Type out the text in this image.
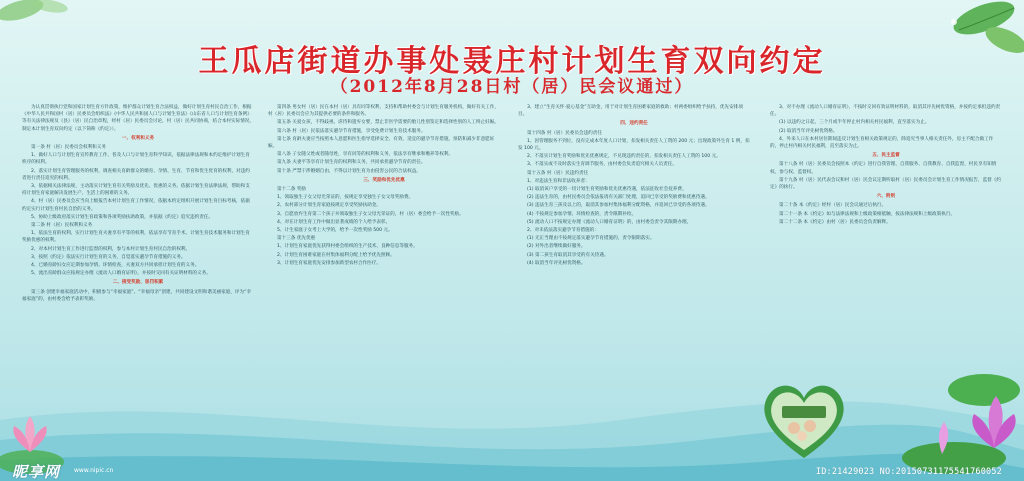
王瓜店街道办事处聂庄村计划生育双向约定
（2012年8月28日村（居）民会议通过）
为认真贯彻执行党和国家计划生育方针政策，维护群众计划生育合法权益，做好计划生育村民自治工作，根据《中华人民共和国村（居）民委员会组织法》《中华人民共和国人口与计划生育法》《山东省人口与计划生育条例》等有关法律法规及《县》（居）民自治章程，经村（居）民委员会讨论，村（居）民共同协商，结合本村实际情况，制定本计划生育双向约定（以下简称《约定》）。
一、权利和义务
第一条 村（居）民委员会权利和义务
1、做好人口与计划生育宣传教育工作，普及人口与计划生育科学知识，依据法律法规和本约定维护计划生育秩序的权利。
2、落实计划生育管理服务的权利，调查相关育龄群众的婚育、孕情、生育、节育和优生优育的权利，对违约者进行责任追究的权利。
3、依据相关法律法规，主动落实计划生育有关奖励及优先、优惠的义务。依据计划生育法律法规，帮助和支持计划生育家庭解决发展生产、生活上的困难的义务。
4、村（居）民委员会应当向上级报告本村计划生育工作情况，依据本约定组织开展计划生育目标考核，依据约定实行计划生育村民自治的义务。
5、协助上级政府落实计划生育政策和各项奖励扶助政策，并依据《约定》追究违约责任。
第二条 村（居）民权利和义务
1、依法生育的权利。实行计划生育夫妻享有平等的权利，依法享有节育手术、计划生育技术服务和计划生育奖励优惠的权利。
2、对本村计划生育工作进行监督的权利，参与本村计划生育村民自治的权利。
3、按照《约定》依法实行计划生育的义务，自觉落实避孕节育措施的义务。
4、已婚育龄妇女应定期参加孕情、环情检查，夫妻双方共同承担计划生育的义务。
5、流出育龄群众应按规定办理《流动人口婚育证明》，并按时交回有关证明材料的义务。
二、接受奖励、惩罚积累
第三条 创建幸福家庭活动中，积极参与“幸福家庭”、“幸福母亲”创建，共同建设文明和谐美丽家庭，评为“幸福家庭”的，由村委会给予表彰奖励。
第四条 男女村（居）民在本村（居）具有同等权利，支持和帮助村委会与计划生育服务机构，做好有关工作，村（居）民委员会应为其提供必要的条件和服务。
第五条 关爱女孩，不得歧视、虐待和遗弃女婴，禁止非医学需要的胎儿性别鉴定和选择性别的人工终止妊娠。
第六条 村（居）民依法落实避孕节育措施，享受免费计划生育技术服务。
第七条 育龄夫妻应当按照本人意愿和医生指导选择安全、有效、适宜的避孕节育措施，预防和减少非意愿妊娠。
第八条 子女随父姓或者随母姓，享有同等的权利和义务，依法享有继承和赡养等权利。
第九条 夫妻平等享有计划生育的权利和义务，共同承担避孕节育的责任。
第十条 严禁干涉婚姻自由，不得以计划生育为由侵害公民的合法权益。
三、奖励和优先优惠
第十二条 奖励
1、领取独生子女父母光荣证的，按规定享受独生子女父母奖励费。
2、农村部分计划生育家庭按规定享受奖励扶助金。
3、自愿放弃生育第二个孩子并领取独生子女父母光荣证的，村（居）委会给予一次性奖励。
4、对在计划生育工作中做出显著成绩的个人给予表彰。
5、计生家庭子女考上大学的，给予一次性奖励 500 元。
第十三条 优先优惠
1、计划生育家庭优先获得村委会组织的生产技术、良种信息等服务。
2、计划生育困难家庭在村集体福利分配上给予优先照顾。
3、计划生育家庭优先安排参加新型农村合作医疗。
3、建立“生育关怀·爱心基金”互助金，用于对计划生育困难家庭的救助；村两委组织给予扶持，优先安排项目。
四、违约责任
第十四条 村（居）民委员会违约责任
1、因管理服务不到位，没有完成本年度人口计划，扣发相关责任人工资的 200 元；出现政策外生育 1 例，扣发 100 元。
2、不落实计划生育奖励和优先优惠规定，不兑现违约责任的，扣发相关责任人工资的 100 元。
3、不落实或不及时落实生育调节服务，由村委会负责追究相关人员责任。
第十五条 村（居）民违约责任
1、对违法生育和非法收养者：
(1) 取消该户享受的一切计划生育奖励和优先优惠待遇，依法征收社会抚养费。
(2) 违法生育的，由村民委员会依法报请有关部门处理，追回已享受的奖励费和优惠待遇。
(3) 违法生育三孩及以上的，取消其参加村集体福利分配资格，并追回已享受的各项待遇。
(4) 不按规定参加孕情、环情检查的，责令限期补检。
(5) 流动人口不按规定办理《流动人口婚育证明》的，由村委会责令其限期办理。
2、对未依法落实避孕节育措施的：
(1) 无正当理由不按规定落实避孕节育措施的，责令限期落实。
(2) 对外出者继续做好服务。
(3) 第二孩生育取消其享受的有关待遇。
(4) 取消当年评先树优资格。
3、对不办理《流动人口婚育证明》，不按时交回有效证明材料的，取消其评先树优资格，并按约定承担违约责任。
(1) 以违约之日起，三个月或半年停止村内相关村民福利，直至落实为止。
(2) 取消当年评先树优资格。
4、外来人口在本村居住期间违反计划生育相关政策规定的，除追究当事人相关责任外，房主不配合做工作的，停止村内相关村民福利，直至落实为止。
五、民主监督
第十八条 村（居）民委员会按照本《约定》进行自我管理、自我服务、自我教育、自我监督，村民享有知情权、参与权、监督权。
第十九条 村（居）民代表会议和村（居）民会议定期听取村（居）民委员会计划生育工作情况报告，监督《约定》的执行。
六、附则
第二十条 本《约定》经村（居）民会议通过后执行。
第二十一条 本《约定》如与法律法规和上级政策相抵触，按法律法规和上级政策执行。
第二十二条 本《约定》由村（居）民委员会负责解释。
昵享网 www.nipic.cn	ID:21429023 NO:20150731175541760052
